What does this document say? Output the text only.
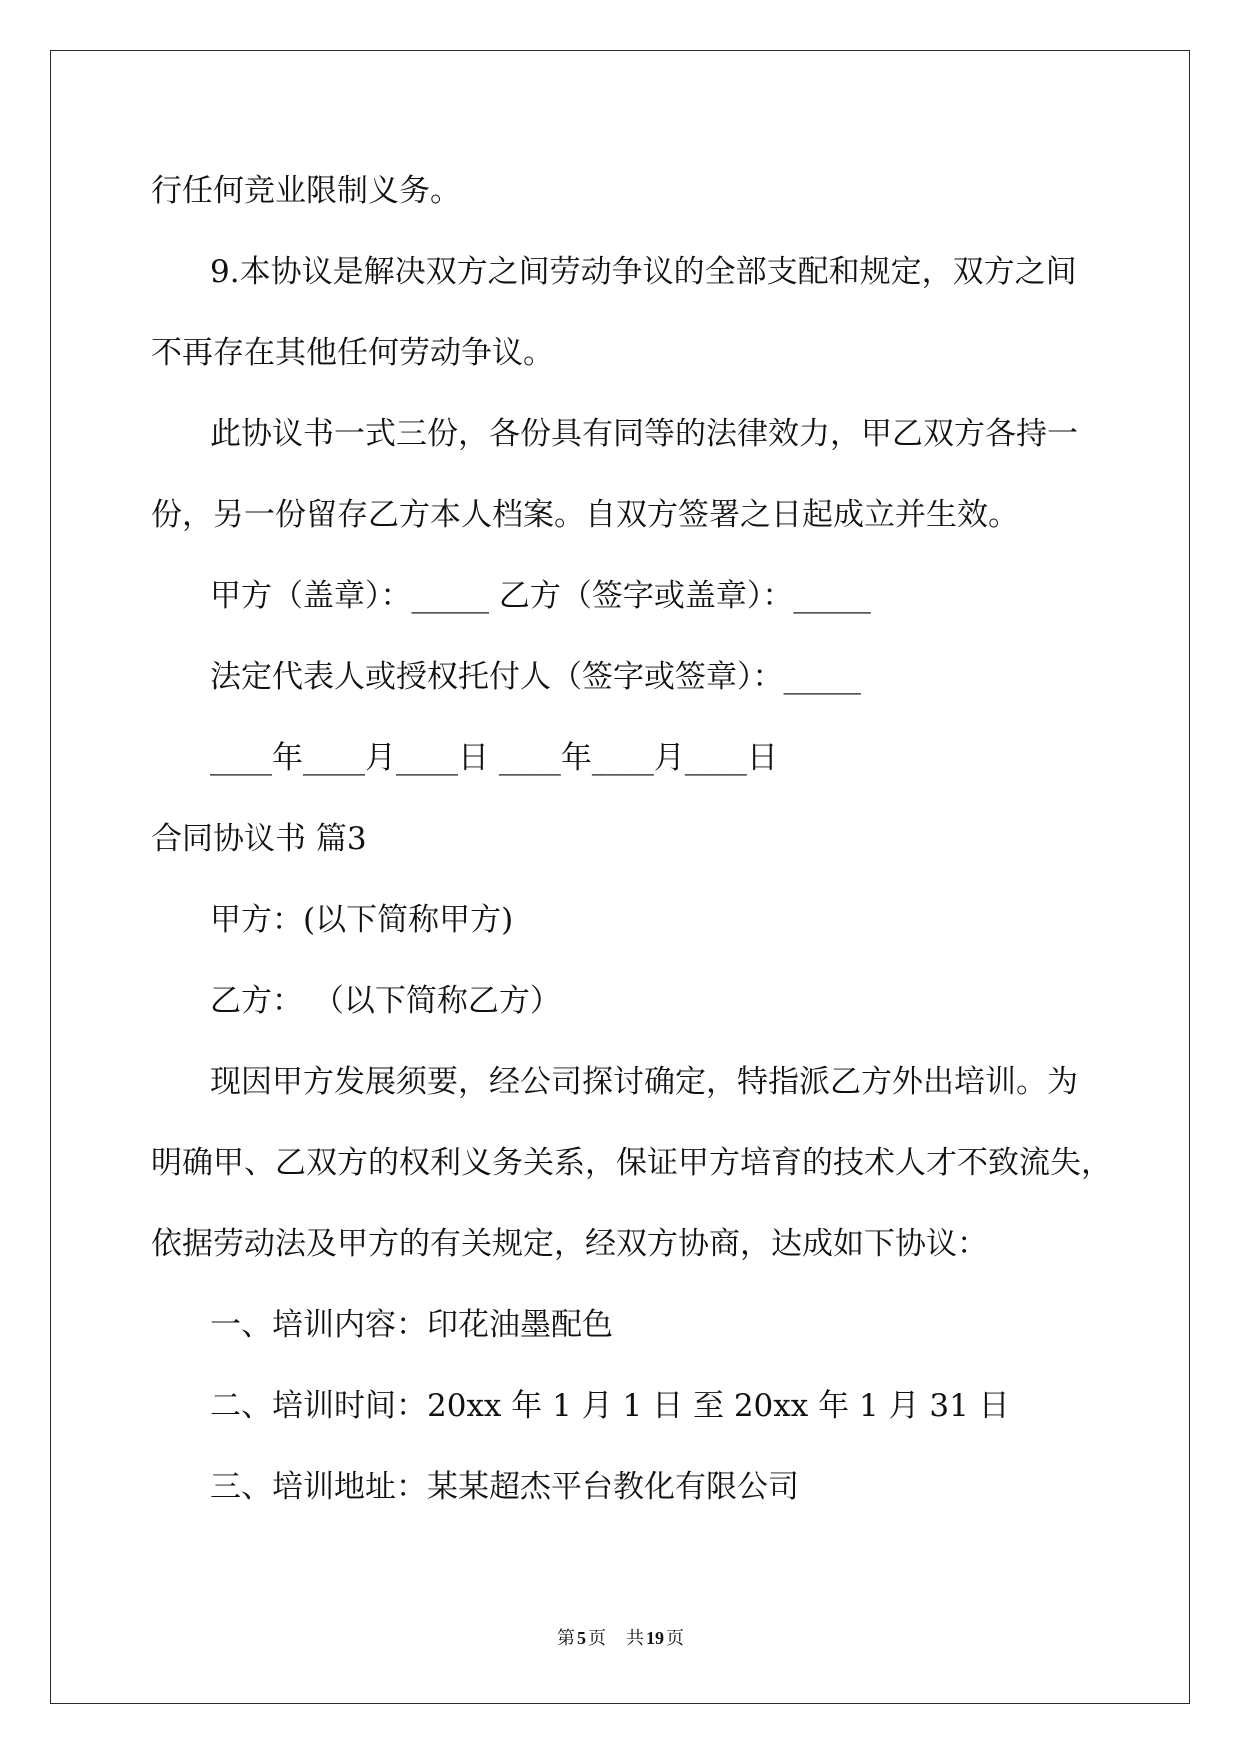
行任何竞业限制义务。
9.本协议是解决双方之间劳动争议的全部支配和规定，双方之间
不再存在其他任何劳动争议。
此协议书一式三份，各份具有同等的法律效力，甲乙双方各持一
份，另一份留存乙方本人档案。自双方签署之日起成立并生效。
甲方（盖章）：_____ 乙方（签字或盖章）：_____
法定代表人或授权托付人（签字或签章）：_____
____年____月____日 ____年____月____日
合同协议书 篇3
甲方：(以下简称甲方)
乙方： （以下简称乙方）
现因甲方发展须要，经公司探讨确定，特指派乙方外出培训。为
明确甲、乙双方的权利义务关系，保证甲方培育的技术人才不致流失，
依据劳动法及甲方的有关规定，经双方协商，达成如下协议：
一、培训内容：印花油墨配色
二、培训时间：20xx 年 1 月 1 日 至 20xx 年 1 月 31 日
三、培训地址：某某超杰平台教化有限公司
第 5 页 共 19 页
